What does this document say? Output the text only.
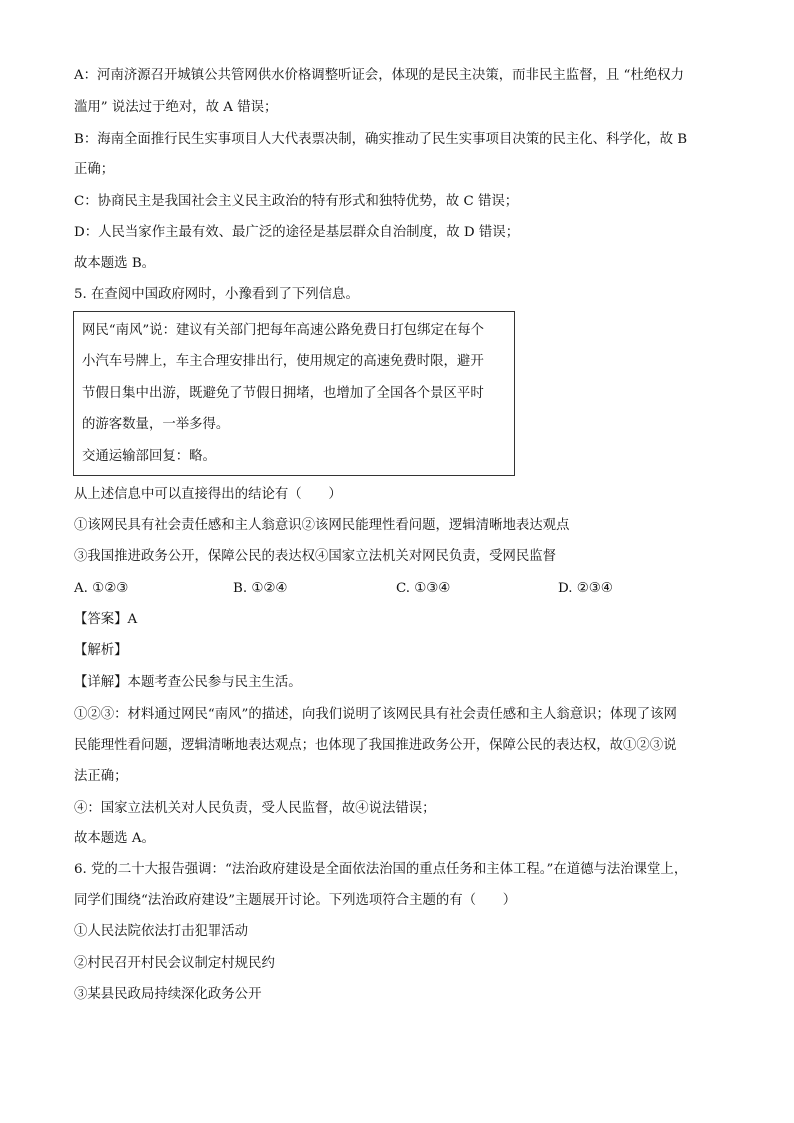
A：河南济源召开城镇公共管网供水价格调整听证会，体现的是民主决策，而非民主监督，且 “杜绝权力
滥用” 说法过于绝对，故 A 错误；
B：海南全面推行民生实事项目人大代表票决制，确实推动了民生实事项目决策的民主化、科学化，故 B
正确；
C：协商民主是我国社会主义民主政治的特有形式和独特优势，故 C 错误；
D：人民当家作主最有效、最广泛的途径是基层群众自治制度，故 D 错误；
故本题选 B。
5. 在查阅中国政府网时，小豫看到了下列信息。
网民“南风”说：建议有关部门把每年高速公路免费日打包绑定在每个
小汽车号牌上，车主合理安排出行，使用规定的高速免费时限，避开
节假日集中出游，既避免了节假日拥堵，也增加了全国各个景区平时
的游客数量，一举多得。
交通运输部回复：略。
从上述信息中可以直接得出的结论有（　　）
①该网民具有社会责任感和主人翁意识②该网民能理性看问题，逻辑清晰地表达观点
③我国推进政务公开，保障公民的表达权④国家立法机关对网民负责，受网民监督
A. ①②③	B. ①②④	C. ①③④	D. ②③④
【答案】A
【解析】
【详解】本题考查公民参与民主生活。
①②③：材料通过网民“南风”的描述，向我们说明了该网民具有社会责任感和主人翁意识；体现了该网
民能理性看问题，逻辑清晰地表达观点；也体现了我国推进政务公开，保障公民的表达权，故①②③说
法正确；
④：国家立法机关对人民负责，受人民监督，故④说法错误；
故本题选 A。
6. 党的二十大报告强调：“法治政府建设是全面依法治国的重点任务和主体工程。”在道德与法治课堂上，
同学们围绕“法治政府建设”主题展开讨论。下列选项符合主题的有（　　）
①人民法院依法打击犯罪活动
②村民召开村民会议制定村规民约
③某县民政局持续深化政务公开
